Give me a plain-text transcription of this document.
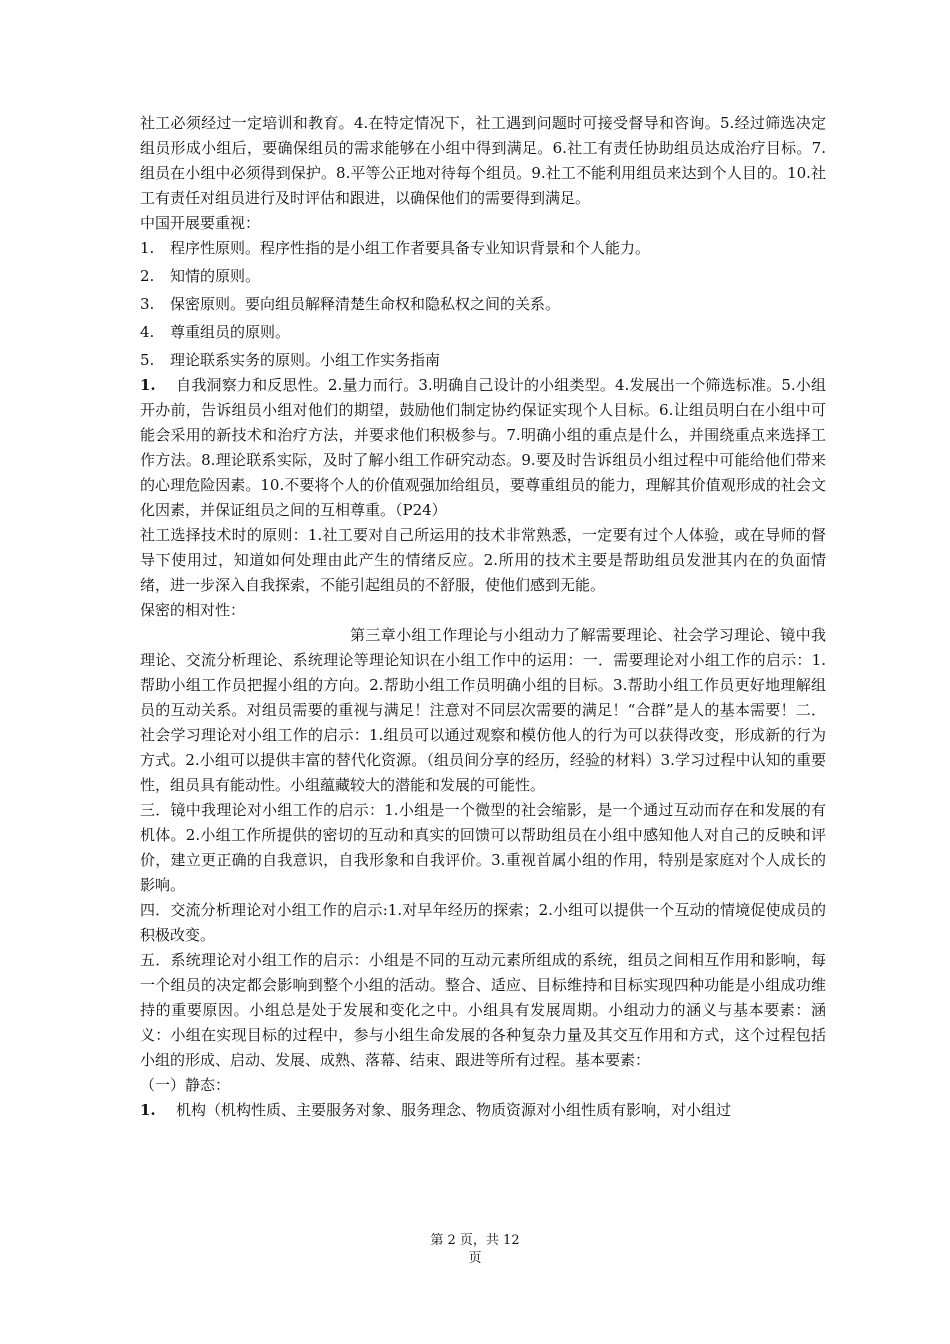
社工必须经过一定培训和教育。4.在特定情况下，社工遇到问题时可接受督导和咨询。5.经过筛选决定组员形成小组后，要确保组员的需求能够在小组中得到满足。6.社工有责任协助组员达成治疗目标。7.组员在小组中必须得到保护。8.平等公正地对待每个组员。9.社工不能利用组员来达到个人目的。10.社工有责任对组员进行及时评估和跟进，以确保他们的需要得到满足。

中国开展要重视：

1.	程序性原则。程序性指的是小组工作者要具备专业知识背景和个人能力。
2.	知情的原则。
3.	保密原则。要向组员解释清楚生命权和隐私权之间的关系。
4.	尊重组员的原则。
5.	理论联系实务的原则。小组工作实务指南

1. 自我洞察力和反思性。2.量力而行。3.明确自己设计的小组类型。4.发展出一个筛选标准。5.小组开办前，告诉组员小组对他们的期望，鼓励他们制定协约保证实现个人目标。6.让组员明白在小组中可能会采用的新技术和治疗方法，并要求他们积极参与。7.明确小组的重点是什么，并围绕重点来选择工作方法。8.理论联系实际，及时了解小组工作研究动态。9.要及时告诉组员小组过程中可能给他们带来的心理危险因素。10.不要将个人的价值观强加给组员，要尊重组员的能力，理解其价值观形成的社会文化因素，并保证组员之间的互相尊重。（P24）

社工选择技术时的原则：1.社工要对自己所运用的技术非常熟悉，一定要有过个人体验，或在导师的督导下使用过，知道如何处理由此产生的情绪反应。2.所用的技术主要是帮助组员发泄其内在的负面情绪，进一步深入自我探索，不能引起组员的不舒服，使他们感到无能。

保密的相对性：

第三章小组工作理论与小组动力了解需要理论、社会学习理论、镜中我理论、交流分析理论、系统理论等理论知识在小组工作中的运用：一．需要理论对小组工作的启示：1.帮助小组工作员把握小组的方向。2.帮助小组工作员明确小组的目标。3.帮助小组工作员更好地理解组员的互动关系。对组员需要的重视与满足！注意对不同层次需要的满足！“合群”是人的基本需要！二．社会学习理论对小组工作的启示：1.组员可以通过观察和模仿他人的行为可以获得改变，形成新的行为方式。2.小组可以提供丰富的替代化资源。（组员间分享的经历，经验的材料）3.学习过程中认知的重要性，组员具有能动性。小组蕴藏较大的潜能和发展的可能性。

三．镜中我理论对小组工作的启示：1.小组是一个微型的社会缩影，是一个通过互动而存在和发展的有机体。2.小组工作所提供的密切的互动和真实的回馈可以帮助组员在小组中感知他人对自己的反映和评价，建立更正确的自我意识，自我形象和自我评价。3.重视首属小组的作用，特别是家庭对个人成长的影响。

四．交流分析理论对小组工作的启示:1.对早年经历的探索；2.小组可以提供一个互动的情境促使成员的积极改变。

五．系统理论对小组工作的启示：小组是不同的互动元素所组成的系统，组员之间相互作用和影响，每一个组员的决定都会影响到整个小组的活动。整合、适应、目标维持和目标实现四种功能是小组成功维持的重要原因。小组总是处于发展和变化之中。小组具有发展周期。小组动力的涵义与基本要素：涵义：小组在实现目标的过程中，参与小组生命发展的各种复杂力量及其交互作用和方式，这个过程包括小组的形成、启动、发展、成熟、落幕、结束、跟进等所有过程。基本要素：

（一）静态：

1.	机构（机构性质、主要服务对象、服务理念、物质资源对小组性质有影响，对小组过
第 2 页，共 12
页
